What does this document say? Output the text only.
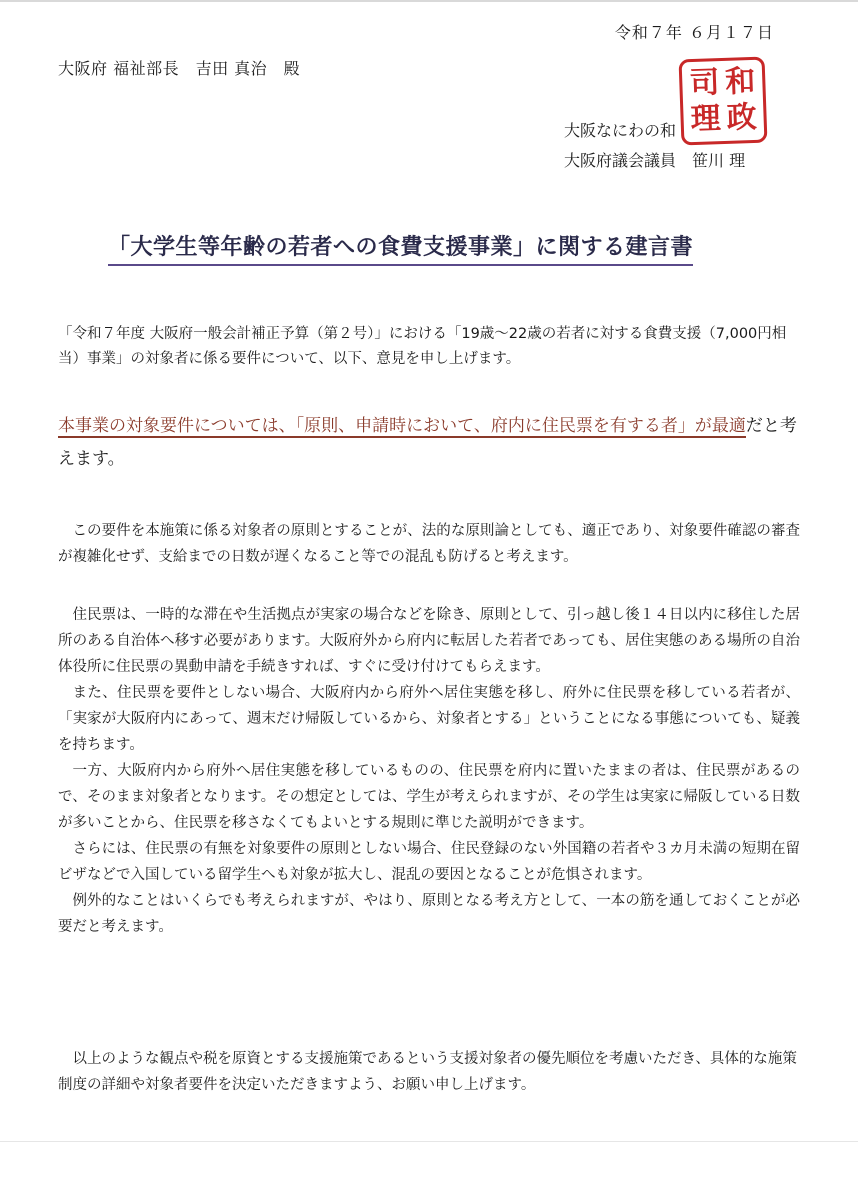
令和７年 ６月１７日
大阪府 福祉部長　吉田 真治　殿	司 和
理 政
大阪なにわの和
大阪府議会議員　笹川 理
「大学生等年齢の若者への食費支援事業」に関する建言書

「令和７年度 大阪府一般会計補正予算（第２号）」における「19歳～22歳の若者に対する食費支援（7,000円相当）事業」の対象者に係る要件について、以下、意見を申し上げます。

本事業の対象要件については、「原則、申請時において、府内に住民票を有する者」が最適だと考えます。

この要件を本施策に係る対象者の原則とすることが、法的な原則論としても、適正であり、対象要件確認の審査が複雑化せず、支給までの日数が遅くなること等での混乱も防げると考えます。

住民票は、一時的な滞在や生活拠点が実家の場合などを除き、原則として、引っ越し後１４日以内に移住した居所のある自治体へ移す必要があります。大阪府外から府内に転居した若者であっても、居住実態のある場所の自治体役所に住民票の異動申請を手続きすれば、すぐに受け付けてもらえます。

また、住民票を要件としない場合、大阪府内から府外へ居住実態を移し、府外に住民票を移している若者が、「実家が大阪府内にあって、週末だけ帰阪しているから、対象者とする」ということになる事態についても、疑義を持ちます。

一方、大阪府内から府外へ居住実態を移しているものの、住民票を府内に置いたままの者は、住民票があるので、そのまま対象者となります。その想定としては、学生が考えられますが、その学生は実家に帰阪している日数が多いことから、住民票を移さなくてもよいとする規則に準じた説明ができます。

さらには、住民票の有無を対象要件の原則としない場合、住民登録のない外国籍の若者や３カ月未満の短期在留ビザなどで入国している留学生へも対象が拡大し、混乱の要因となることが危惧されます。

例外的なことはいくらでも考えられますが、やはり、原則となる考え方として、一本の筋を通しておくことが必要だと考えます。

以上のような観点や税を原資とする支援施策であるという支援対象者の優先順位を考慮いただき、具体的な施策制度の詳細や対象者要件を決定いただきますよう、お願い申し上げます。
